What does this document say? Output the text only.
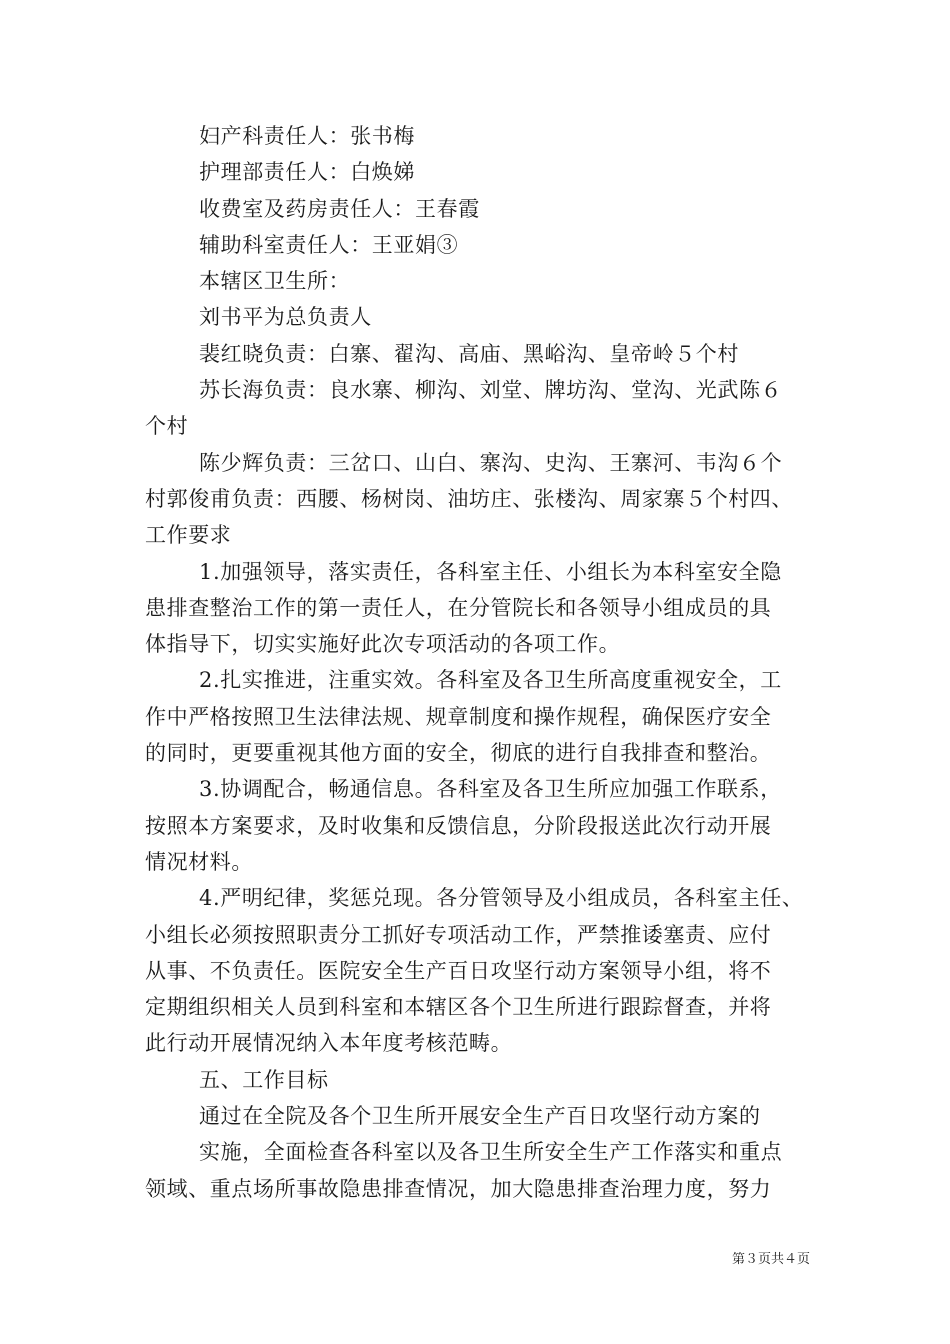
妇产科责任人：张书梅
护理部责任人：白焕娣
收费室及药房责任人：王春霞
辅助科室责任人：王亚娟③
本辖区卫生所：
刘书平为总负责人
裴红晓负责：白寨、翟沟、高庙、黑峪沟、皇帝岭５个村
苏长海负责：良水寨、柳沟、刘堂、牌坊沟、堂沟、光武陈６
个村
陈少辉负责：三岔口、山白、寨沟、史沟、王寨河、韦沟６个
村郭俊甫负责：西腰、杨树岗、油坊庄、张楼沟、周家寨５个村四、
工作要求
1.加强领导，落实责任，各科室主任、小组长为本科室安全隐
患排查整治工作的第一责任人，在分管院长和各领导小组成员的具
体指导下，切实实施好此次专项活动的各项工作。
2.扎实推进，注重实效。各科室及各卫生所高度重视安全，工
作中严格按照卫生法律法规、规章制度和操作规程，确保医疗安全
的同时，更要重视其他方面的安全，彻底的进行自我排查和整治。
3.协调配合，畅通信息。各科室及各卫生所应加强工作联系，
按照本方案要求，及时收集和反馈信息，分阶段报送此次行动开展
情况材料。
4.严明纪律，奖惩兑现。各分管领导及小组成员，各科室主任、
小组长必须按照职责分工抓好专项活动工作，严禁推诿塞责、应付
从事、不负责任。医院安全生产百日攻坚行动方案领导小组，将不
定期组织相关人员到科室和本辖区各个卫生所进行跟踪督查，并将
此行动开展情况纳入本年度考核范畴。
五、工作目标
通过在全院及各个卫生所开展安全生产百日攻坚行动方案的
实施，全面检查各科室以及各卫生所安全生产工作落实和重点
领域、重点场所事故隐患排查情况，加大隐患排查治理力度，努力
第３页共４页
